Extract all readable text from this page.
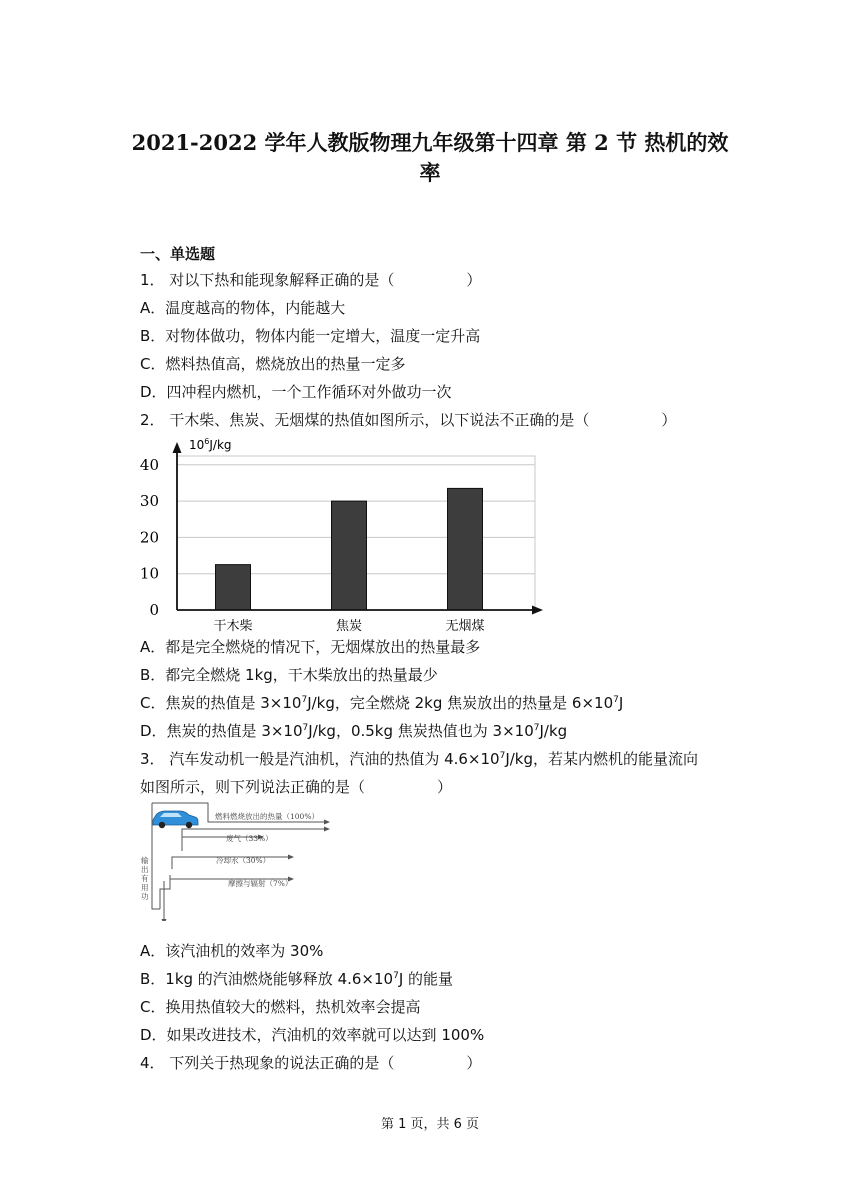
2021-2022 学年人教版物理九年级第十四章 第 2 节 热机的效
率
一、单选题
1． 对以下热和能现象解释正确的是（	）
A．温度越高的物体，内能越大
B．对物体做功，物体内能一定增大，温度一定升高
C．燃料热值高，燃烧放出的热量一定多
D．四冲程内燃机，一个工作循环对外做功一次
2． 干木柴、焦炭、无烟煤的热值如图所示，以下说法不正确的是（	）
0
10
20
30
40
干木柴	焦炭	无烟煤
$10^6J/kg$
A．都是完全燃烧的情况下，无烟煤放出的热量最多
B．都完全燃烧 1kg，干木柴放出的热量最少
C．焦炭的热值是 $3\times 10^7J/kg$，完全燃烧 2kg 焦炭放出的热量是 $6\times 10^7J$
D．焦炭的热值是 $3\times 10^7J/kg$，0.5kg 焦炭热值也为 $3\times 10^7J/kg$
3． 汽车发动机一般是汽油机，汽油的热值为 $4.6\times 10^7J/kg$，若某内燃机的能量流向
如图所示，则下列说法正确的是（	）
燃料燃烧放出的热量（100%）
废气（33%）
冷却水（30%）
摩擦与辐射（7%）
输出有用功
A．该汽油机的效率为 30%
B．1kg 的汽油燃烧能够释放 $4.6\times 10^7J$ 的能量
C．换用热值较大的燃料，热机效率会提高
D．如果改进技术，汽油机的效率就可以达到 100%
4． 下列关于热现象的说法正确的是（	）
第 1 页，共 6 页
